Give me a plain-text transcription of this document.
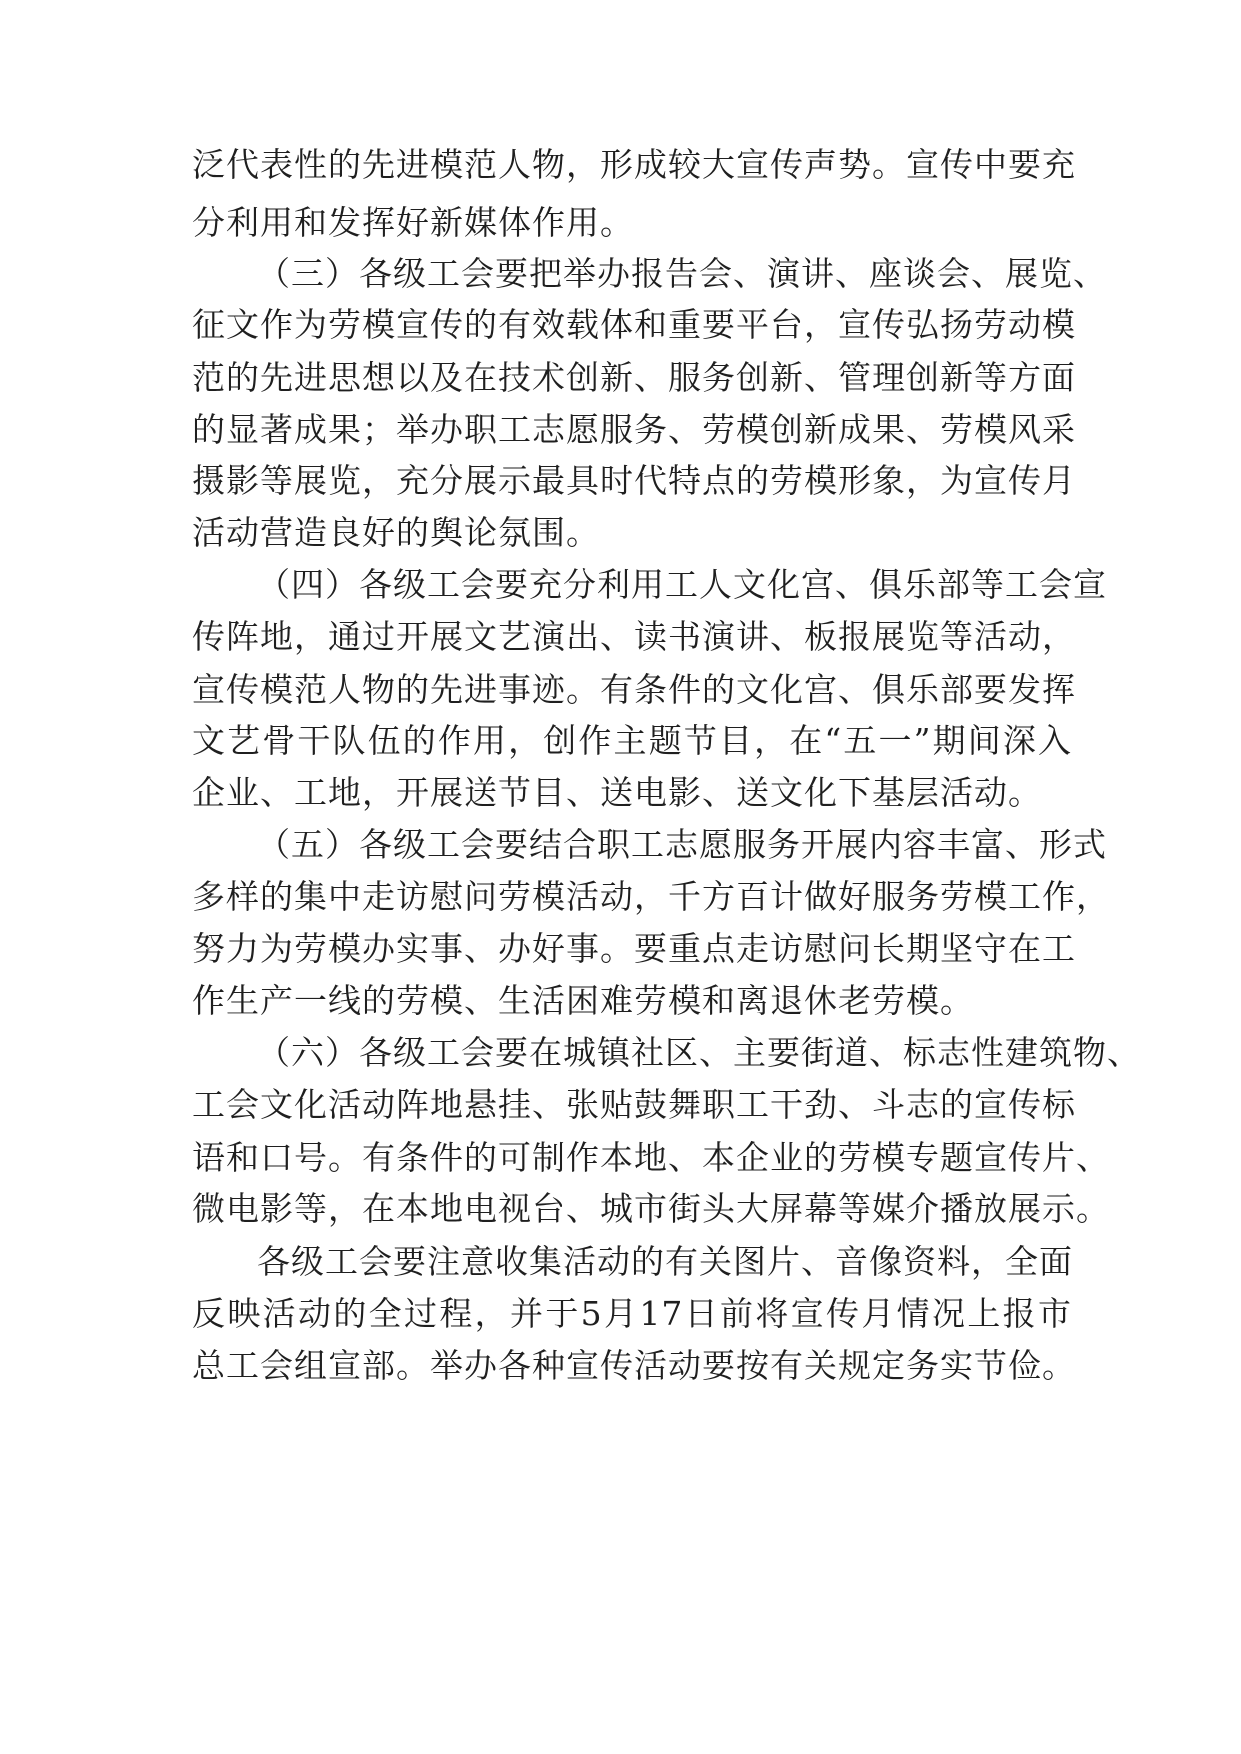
泛代表性的先进模范人物，形成较大宣传声势。宣传中要充
分利用和发挥好新媒体作用。
（三）各级工会要把举办报告会、演讲、座谈会、展览、
征文作为劳模宣传的有效载体和重要平台，宣传弘扬劳动模
范的先进思想以及在技术创新、服务创新、管理创新等方面
的显著成果；举办职工志愿服务、劳模创新成果、劳模风采
摄影等展览，充分展示最具时代特点的劳模形象，为宣传月
活动营造良好的舆论氛围。
（四）各级工会要充分利用工人文化宫、俱乐部等工会宣
传阵地，通过开展文艺演出、读书演讲、板报展览等活动，
宣传模范人物的先进事迹。有条件的文化宫、俱乐部要发挥
文艺骨干队伍的作用，创作主题节目，在“五一”期间深入
企业、工地，开展送节目、送电影、送文化下基层活动。
（五）各级工会要结合职工志愿服务开展内容丰富、形式
多样的集中走访慰问劳模活动，千方百计做好服务劳模工作，
努力为劳模办实事、办好事。要重点走访慰问长期坚守在工
作生产一线的劳模、生活困难劳模和离退休老劳模。
（六）各级工会要在城镇社区、主要街道、标志性建筑物、
工会文化活动阵地悬挂、张贴鼓舞职工干劲、斗志的宣传标
语和口号。有条件的可制作本地、本企业的劳模专题宣传片、
微电影等，在本地电视台、城市街头大屏幕等媒介播放展示。
各级工会要注意收集活动的有关图片、音像资料，全面
反映活动的全过程，并于5月17日前将宣传月情况上报市
总工会组宣部。举办各种宣传活动要按有关规定务实节俭。
